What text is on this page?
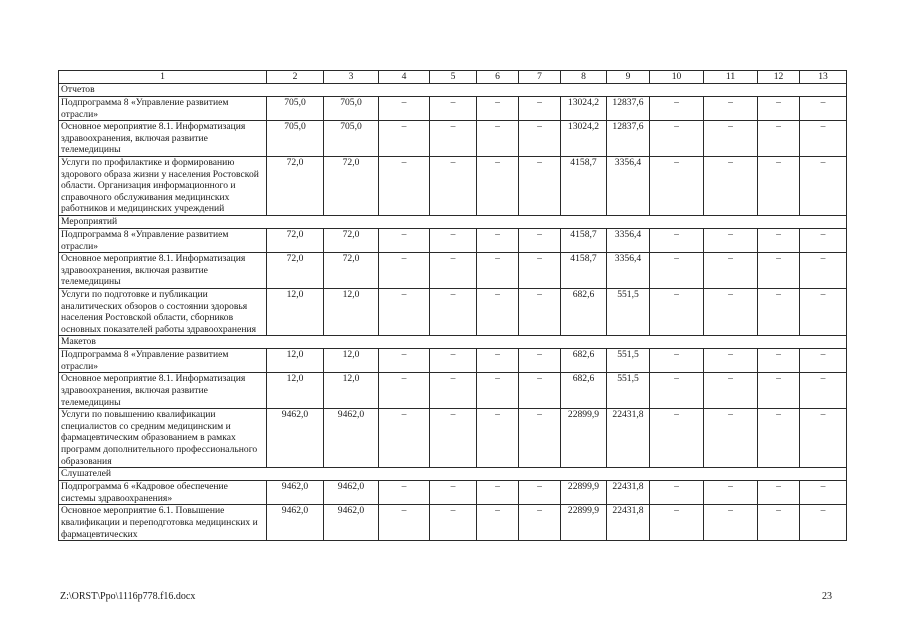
1	2	3	4	5	6	7	8	9	10	11	12	13
Отчетов												
Подпрограмма 8 «Управление развитием отрасли»	705,0	705,0	–	–	–	–	13024,2	12837,6	–	–	–	–
Основное мероприятие 8.1. Информатизация здравоохранения, включая развитие телемедицины	705,0	705,0	–	–	–	–	13024,2	12837,6	–	–	–	–
Услуги по профилактике и формированию здорового образа жизни у населения Ростовской области. Организация информационного и справочного обслуживания медицинских работников и медицинских учреждений	72,0	72,0	–	–	–	–	4158,7	3356,4	–	–	–	–
Мероприятий												
Подпрограмма 8 «Управление развитием отрасли»	72,0	72,0	–	–	–	–	4158,7	3356,4	–	–	–	–
Основное мероприятие 8.1. Информатизация здравоохранения, включая развитие телемедицины	72,0	72,0	–	–	–	–	4158,7	3356,4	–	–	–	–
Услуги по подготовке и публикации аналитических обзоров о состоянии здоровья населения Ростовской области, сборников основных показателей работы здравоохранения	12,0	12,0	–	–	–	–	682,6	551,5	–	–	–	–
Макетов												
Подпрограмма 8 «Управление развитием отрасли»	12,0	12,0	–	–	–	–	682,6	551,5	–	–	–	–
Основное мероприятие 8.1. Информатизация здравоохранения, включая развитие телемедицины	12,0	12,0	–	–	–	–	682,6	551,5	–	–	–	–
Услуги по повышению квалификации специалистов со средним медицинским и фармацевтическим образованием в рамках программ дополнительного профессионального образования	9462,0	9462,0	–	–	–	–	22899,9	22431,8	–	–	–	–
Слушателей												
Подпрограмма 6 «Кадровое обеспечение системы здравоохранения»	9462,0	9462,0	–	–	–	–	22899,9	22431,8	–	–	–	–
Основное мероприятие 6.1. Повышение квалификации и переподготовка медицинских и фармацевтических	9462,0	9462,0	–	–	–	–	22899,9	22431,8	–	–	–	–
Z:\ORST\Ppo\1116p778.f16.docx	23
